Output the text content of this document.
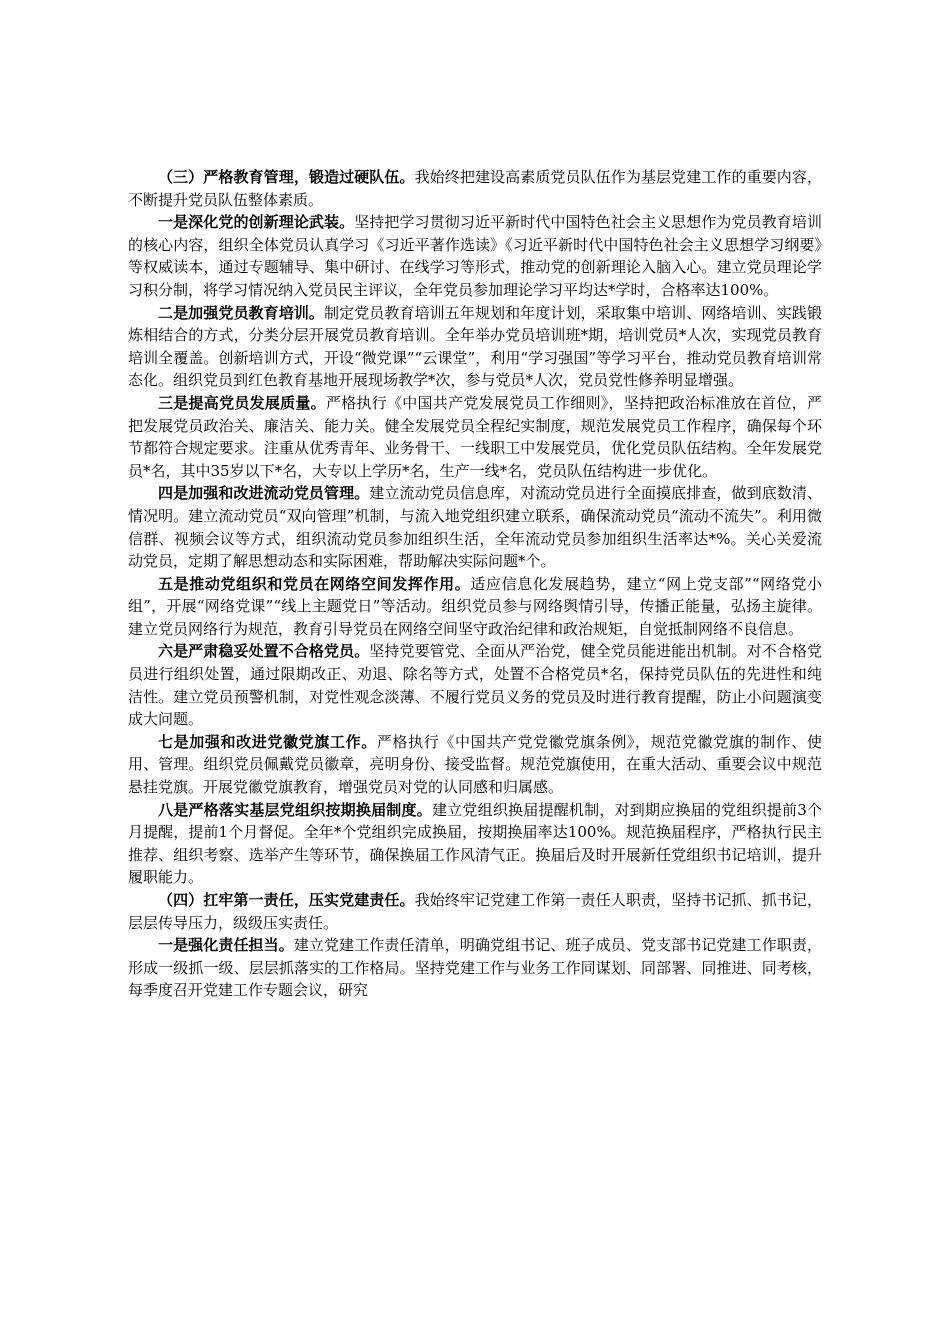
（三）严格教育管理，锻造过硬队伍。我始终把建设高素质党员队伍作为基层党建工作的重要内容，不断提升党员队伍整体素质。

一是深化党的创新理论武装。坚持把学习贯彻习近平新时代中国特色社会主义思想作为党员教育培训的核心内容，组织全体党员认真学习《习近平著作选读》《习近平新时代中国特色社会主义思想学习纲要》等权威读本，通过专题辅导、集中研讨、在线学习等形式，推动党的创新理论入脑入心。建立党员理论学习积分制，将学习情况纳入党员民主评议，全年党员参加理论学习平均达*学时，合格率达100%。

二是加强党员教育培训。制定党员教育培训五年规划和年度计划，采取集中培训、网络培训、实践锻炼相结合的方式，分类分层开展党员教育培训。全年举办党员培训班*期，培训党员*人次，实现党员教育培训全覆盖。创新培训方式，开设“微党课”“云课堂”，利用“学习强国”等学习平台，推动党员教育培训常态化。组织党员到红色教育基地开展现场教学*次，参与党员*人次，党员党性修养明显增强。

三是提高党员发展质量。严格执行《中国共产党发展党员工作细则》，坚持把政治标准放在首位，严把发展党员政治关、廉洁关、能力关。健全发展党员全程纪实制度，规范发展党员工作程序，确保每个环节都符合规定要求。注重从优秀青年、业务骨干、一线职工中发展党员，优化党员队伍结构。全年发展党员*名，其中35岁以下*名，大专以上学历*名，生产一线*名，党员队伍结构进一步优化。

四是加强和改进流动党员管理。建立流动党员信息库，对流动党员进行全面摸底排查，做到底数清、情况明。建立流动党员“双向管理”机制，与流入地党组织建立联系，确保流动党员“流动不流失”。利用微信群、视频会议等方式，组织流动党员参加组织生活，全年流动党员参加组织生活率达*%。关心关爱流动党员，定期了解思想动态和实际困难，帮助解决实际问题*个。

五是推动党组织和党员在网络空间发挥作用。适应信息化发展趋势，建立“网上党支部”“网络党小组”，开展“网络党课”“线上主题党日”等活动。组织党员参与网络舆情引导，传播正能量，弘扬主旋律。建立党员网络行为规范，教育引导党员在网络空间坚守政治纪律和政治规矩，自觉抵制网络不良信息。

六是严肃稳妥处置不合格党员。坚持党要管党、全面从严治党，健全党员能进能出机制。对不合格党员进行组织处置，通过限期改正、劝退、除名等方式，处置不合格党员*名，保持党员队伍的先进性和纯洁性。建立党员预警机制，对党性观念淡薄、不履行党员义务的党员及时进行教育提醒，防止小问题演变成大问题。

七是加强和改进党徽党旗工作。严格执行《中国共产党党徽党旗条例》，规范党徽党旗的制作、使用、管理。组织党员佩戴党员徽章，亮明身份、接受监督。规范党旗使用，在重大活动、重要会议中规范悬挂党旗。开展党徽党旗教育，增强党员对党的认同感和归属感。

八是严格落实基层党组织按期换届制度。建立党组织换届提醒机制，对到期应换届的党组织提前3个月提醒，提前1个月督促。全年*个党组织完成换届，按期换届率达100%。规范换届程序，严格执行民主推荐、组织考察、选举产生等环节，确保换届工作风清气正。换届后及时开展新任党组织书记培训，提升履职能力。

（四）扛牢第一责任，压实党建责任。我始终牢记党建工作第一责任人职责，坚持书记抓、抓书记，层层传导压力，级级压实责任。

一是强化责任担当。建立党建工作责任清单，明确党组书记、班子成员、党支部书记党建工作职责，形成一级抓一级、层层抓落实的工作格局。坚持党建工作与业务工作同谋划、同部署、同推进、同考核，每季度召开党建工作专题会议，研究
